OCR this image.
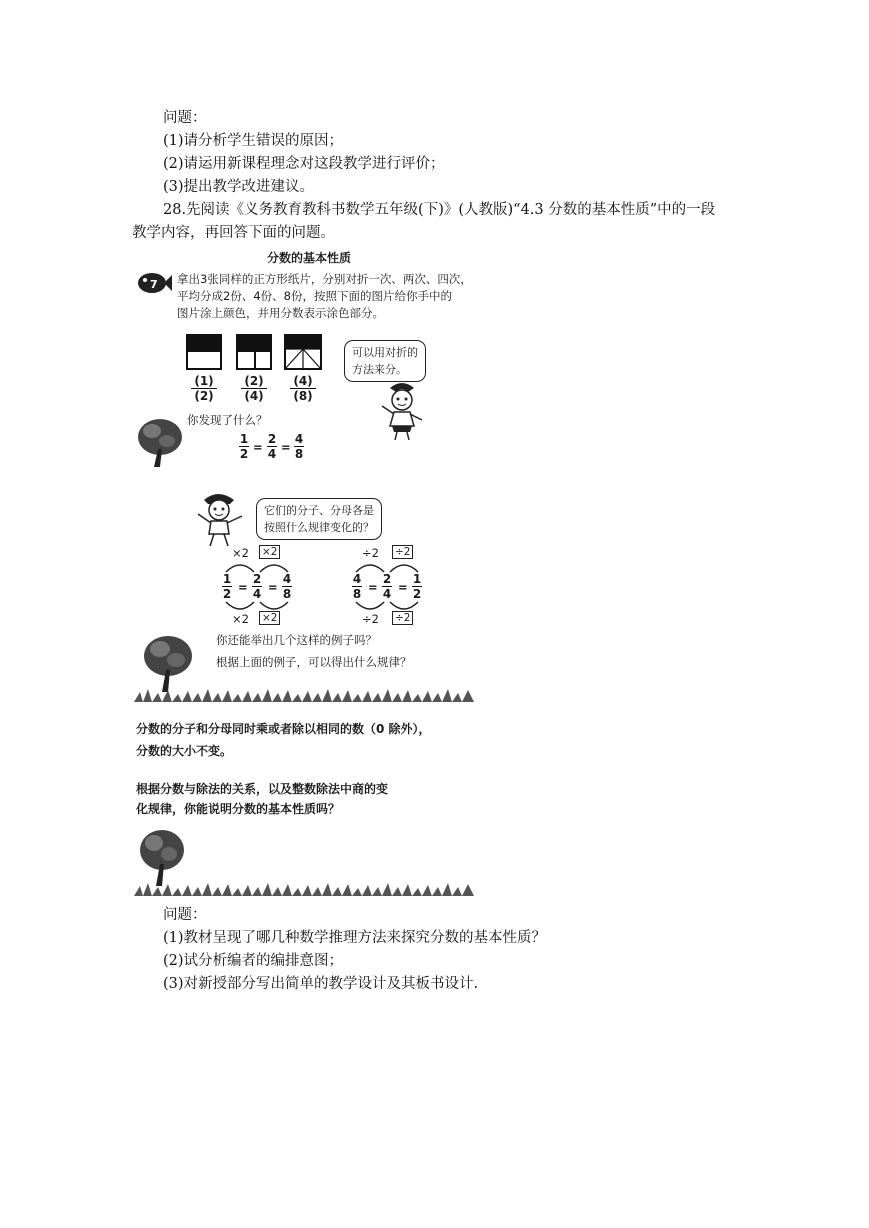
问题：
(1)请分析学生错误的原因；
(2)请运用新课程理念对这段教学进行评价；
(3)提出教学改进建议。
28.先阅读《义务教育教科书数学五年级(下)》(人教版)“4.3 分数的基本性质”中的一段
教学内容，再回答下面的问题。
分数的基本性质
7 拿出3张同样的正方形纸片，分别对折一次、两次、四次，
平均分成2份、4份、8份，按照下面的图片给你手中的
图片涂上颜色，并用分数表示涂色部分。
(1)
(2)
(2)
(4)
(4)
(8)
可以用对折的
方法来分。
你发现了什么？
1
2 =
2
4 =
4
8
它们的分子、分母各是
按照什么规律变化的？
×2 ×2
1
2 =
2
4 =
4
8
×2 ×2
÷2 ÷2
4
8 =
2
4 =
1
2
÷2 ÷2
你还能举出几个这样的例子吗？
根据上面的例子，可以得出什么规律？
分数的分子和分母同时乘或者除以相同的数（0 除外），
分数的大小不变。
根据分数与除法的关系，以及整数除法中商的变
化规律，你能说明分数的基本性质吗？
问题：
(1)教材呈现了哪几种数学推理方法来探究分数的基本性质？
(2)试分析编者的编排意图；
(3)对新授部分写出简单的教学设计及其板书设计.
